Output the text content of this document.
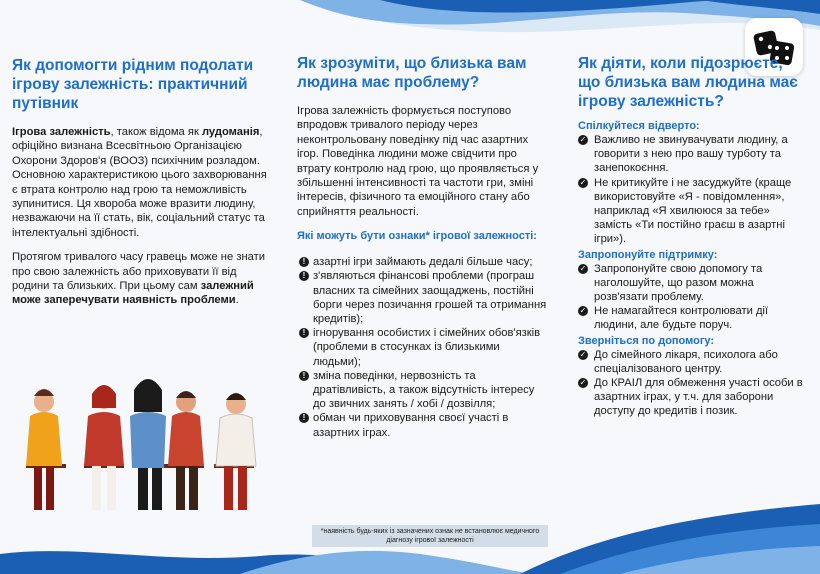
Як допомогти рідним подолати ігрову залежність: практичний путівник

Ігрова залежність, також відома як лудоманія, офіційно визнана Всесвітньою Організацією Охорони Здоров'я (ВООЗ) психічним розладом. Основною характеристикою цього захворювання є втрата контролю над грою та неможливість зупинитися. Ця хвороба може вразити людину, незважаючи на її стать, вік, соціальний статус та інтелектуальні здібності.

Протягом тривалого часу гравець може не знати про свою залежність або приховувати її від родини та близьких. При цьому сам залежний може заперечувати наявність проблеми.

Як зрозуміти, що близька вам людина має проблему?

Ігрова залежність формується поступово впродовж тривалого періоду через неконтрольовану поведінку під час азартних ігор. Поведінка людини може свідчити про втрату контролю над грою, що проявляється у збільшенні інтенсивності та частоти гри, зміні інтересів, фізичного та емоційного стану або сприйняття реальності.

Які можуть бути ознаки* ігрової залежності:
! азартні ігри займають дедалі більше часу;
! з'являються фінансові проблеми (програш власних та сімейних заощаджень, постійні борги через позичання грошей та отримання кредитів);
! ігнорування особистих і сімейних обов'язків (проблеми в стосунках із близькими людьми);
! зміна поведінки, нервозність та дратівливість, а також відсутність інтересу до звичних занять / хобі / дозвілля;
! обман чи приховування своєї участі в азартних іграх.
*наявність будь-яких із зазначених ознак не встановлює медичного діагнозу ігрової залежності
Як діяти, коли підозрюєте, що близька вам людина має ігрову залежність?
Спілкуйтеся відверто:
✓ Важливо не звинувачувати людину, а говорити з нею про вашу турботу та занепокоєння.
✓ Не критикуйте і не засуджуйте (краще використовуйте «Я - повідомлення», наприклад «Я хвилююся за тебе» замість «Ти постійно граєш в азартні ігри»).
Запропонуйте підтримку:
✓ Запропонуйте свою допомогу та наголошуйте, що разом можна розв'язати проблему.
✓ Не намагайтеся контролювати дії людини, але будьте поруч.
Зверніться по допомогу:
✓ До сімейного лікаря, психолога або спеціалізованого центру.
✓ До КРАІЛ для обмеження участі особи в азартних іграх, у т.ч. для заборони доступу до кредитів і позик.
